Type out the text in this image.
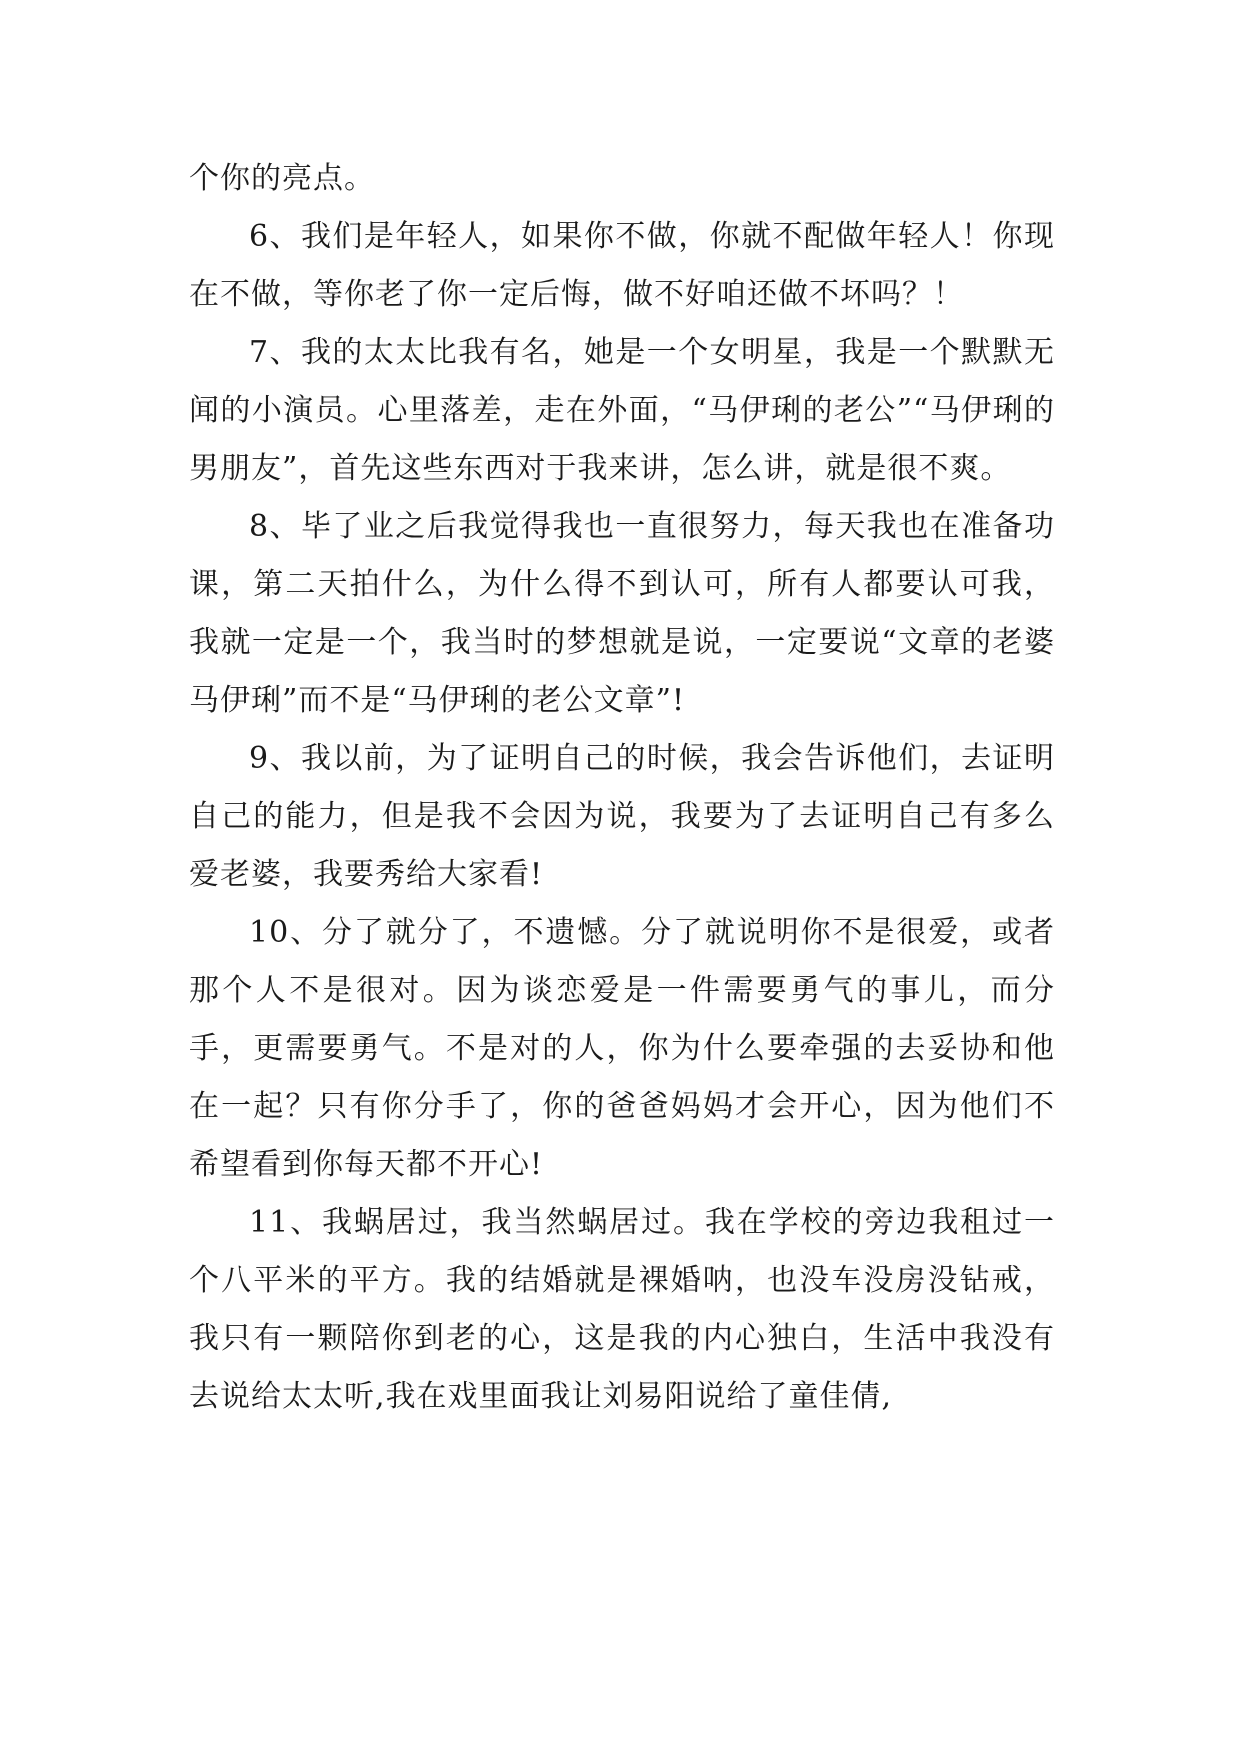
个你的亮点。

6、我们是年轻人，如果你不做，你就不配做年轻人！你现在不做，等你老了你一定后悔，做不好咱还做不坏吗？！

7、我的太太比我有名，她是一个女明星，我是一个默默无闻的小演员。心里落差，走在外面，“马伊琍的老公”“马伊琍的男朋友”，首先这些东西对于我来讲，怎么讲，就是很不爽。

8、毕了业之后我觉得我也一直很努力，每天我也在准备功课，第二天拍什么，为什么得不到认可，所有人都要认可我，我就一定是一个，我当时的梦想就是说，一定要说“文章的老婆马伊琍”而不是“马伊琍的老公文章”!

9、我以前，为了证明自己的时候，我会告诉他们，去证明自己的能力，但是我不会因为说，我要为了去证明自己有多么爱老婆，我要秀给大家看!

10、分了就分了，不遗憾。分了就说明你不是很爱，或者那个人不是很对。因为谈恋爱是一件需要勇气的事儿，而分手，更需要勇气。不是对的人，你为什么要牵强的去妥协和他在一起？只有你分手了，你的爸爸妈妈才会开心，因为他们不希望看到你每天都不开心!

11、我蜗居过，我当然蜗居过。我在学校的旁边我租过一个八平米的平方。我的结婚就是裸婚呐，也没车没房没钻戒，我只有一颗陪你到老的心，这是我的内心独白，生活中我没有去说给太太听,我在戏里面我让刘易阳说给了童佳倩,
